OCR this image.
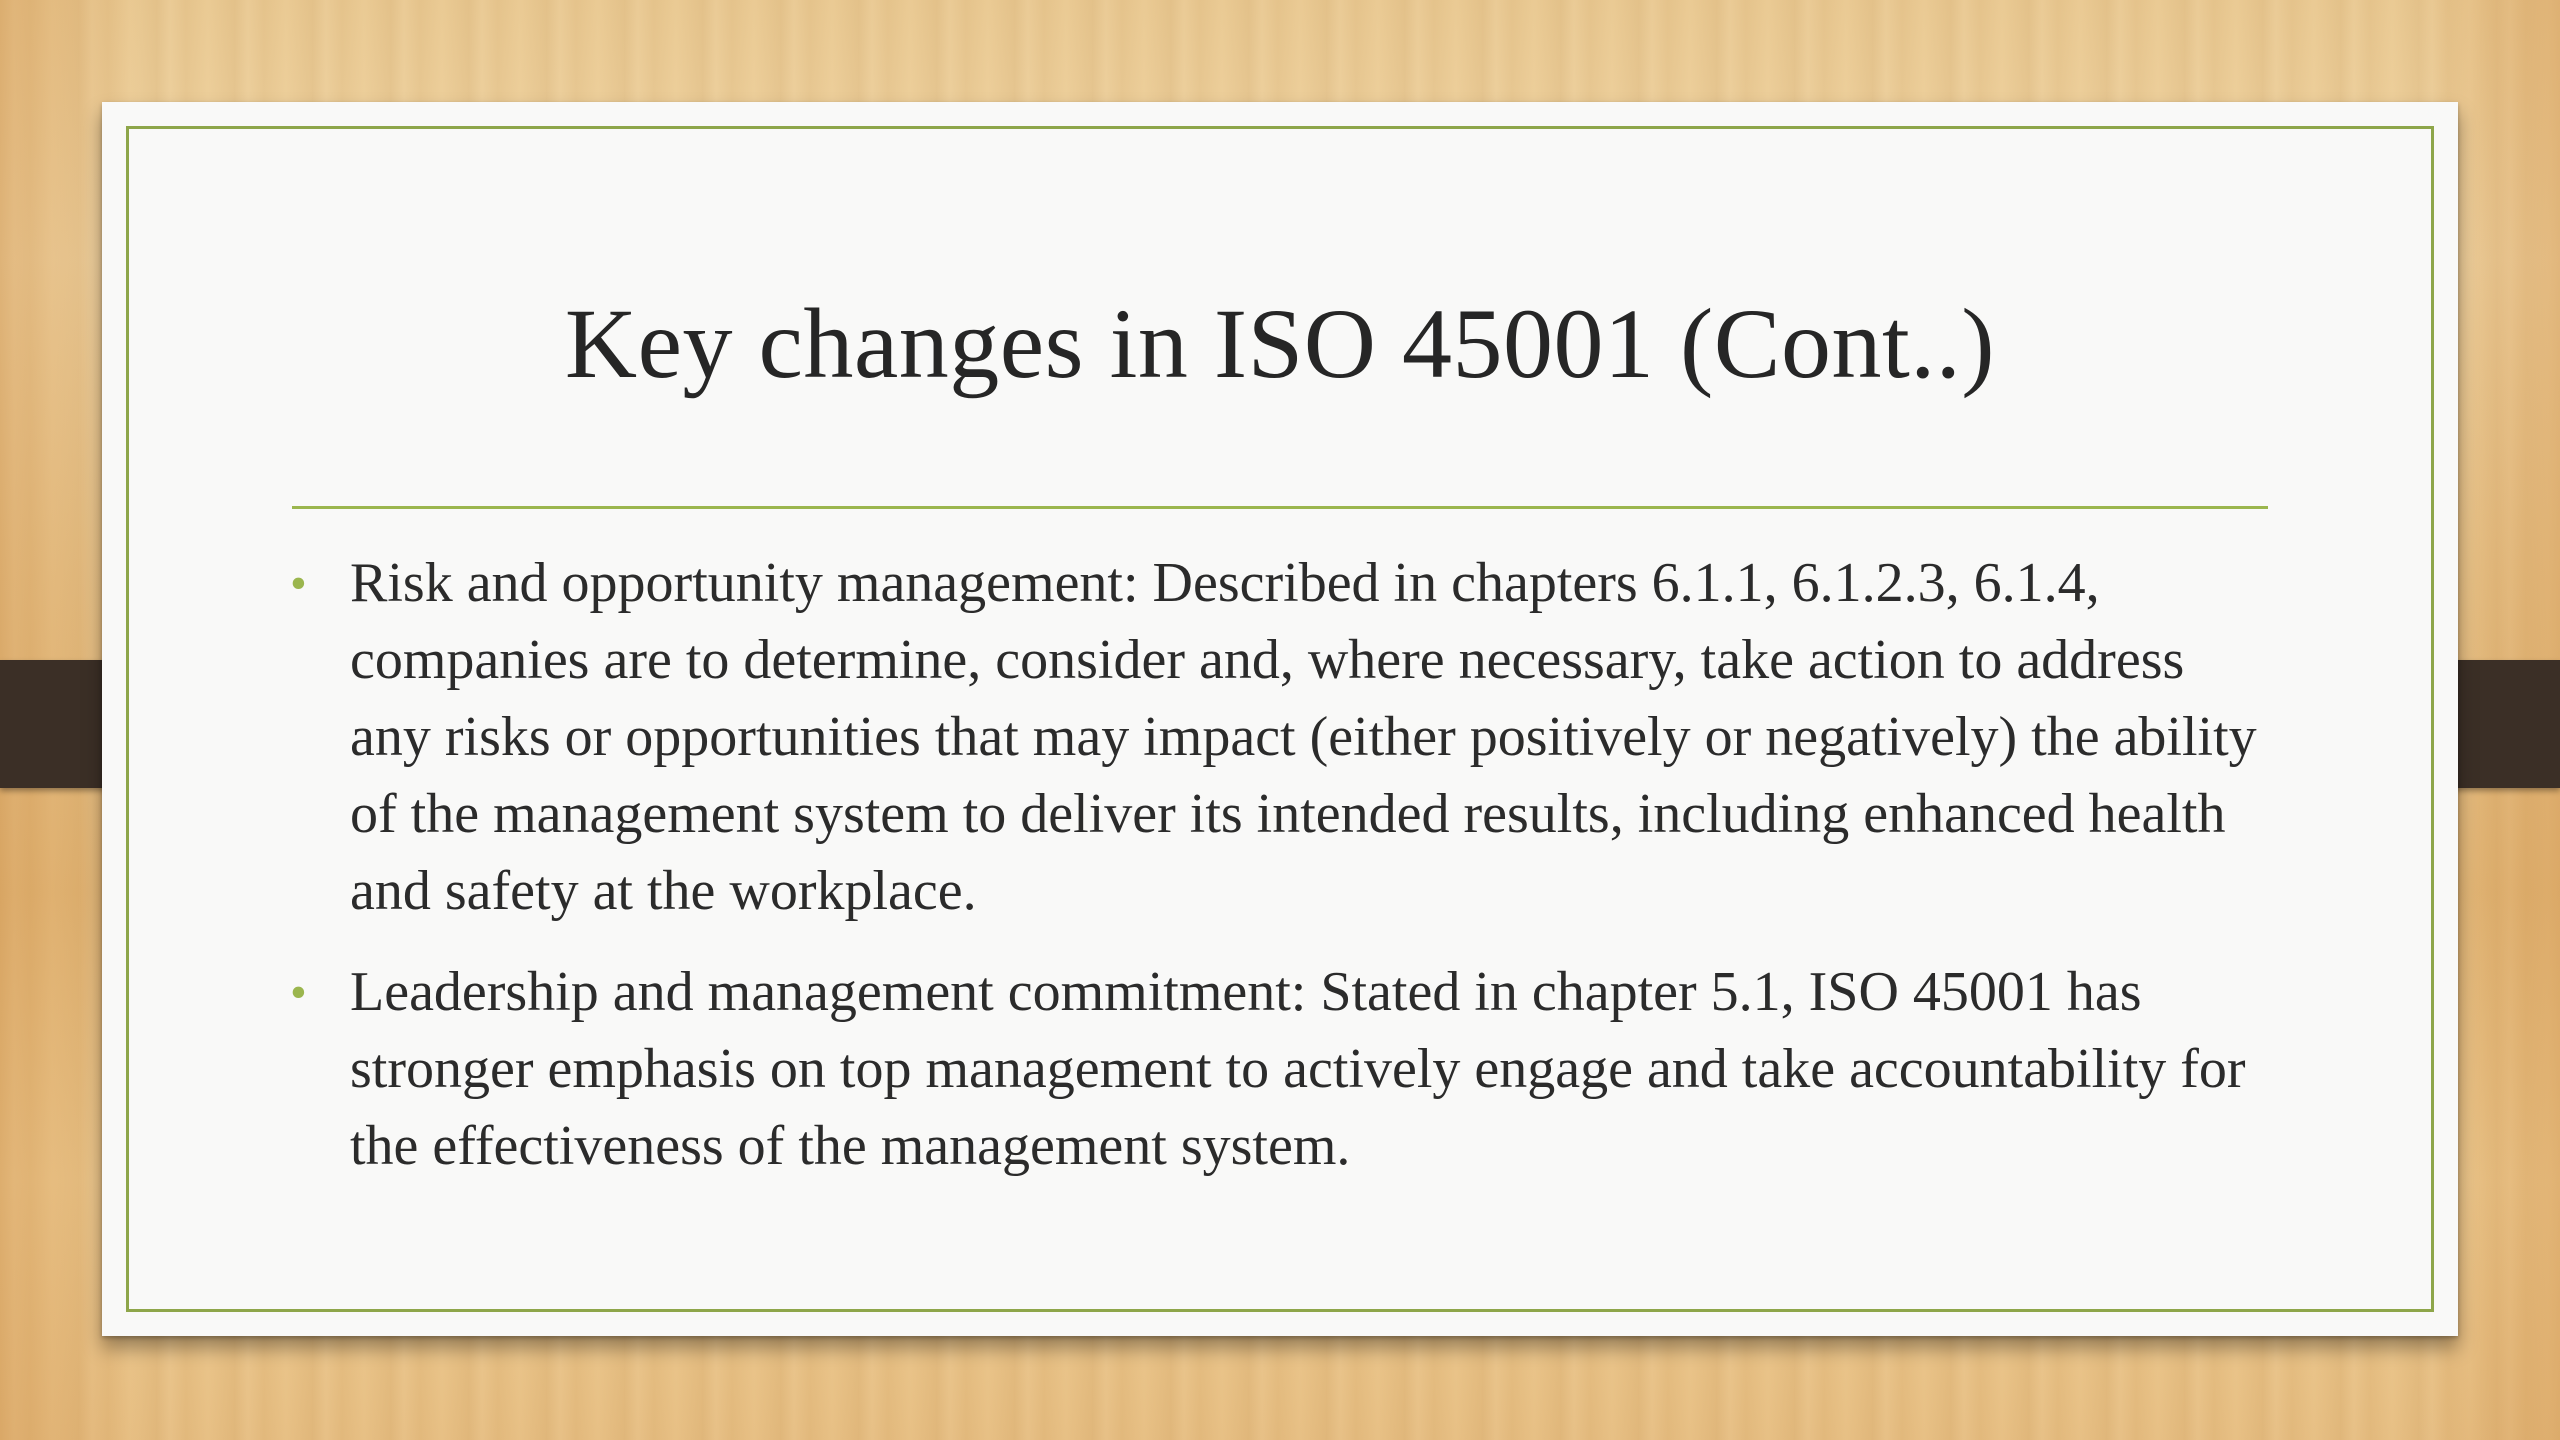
Key changes in ISO 45001 (Cont..)
• Risk and opportunity management: Described in chapters 6.1.1, 6.1.2.3, 6.1.4, companies are to determine, consider and, where necessary, take action to address any risks or opportunities that may impact (either positively or negatively) the ability of the management system to deliver its intended results, including enhanced health and safety at the workplace.
• Leadership and management commitment: Stated in chapter 5.1, ISO 45001 has stronger emphasis on top management to actively engage and take accountability for the effectiveness of the management system.
